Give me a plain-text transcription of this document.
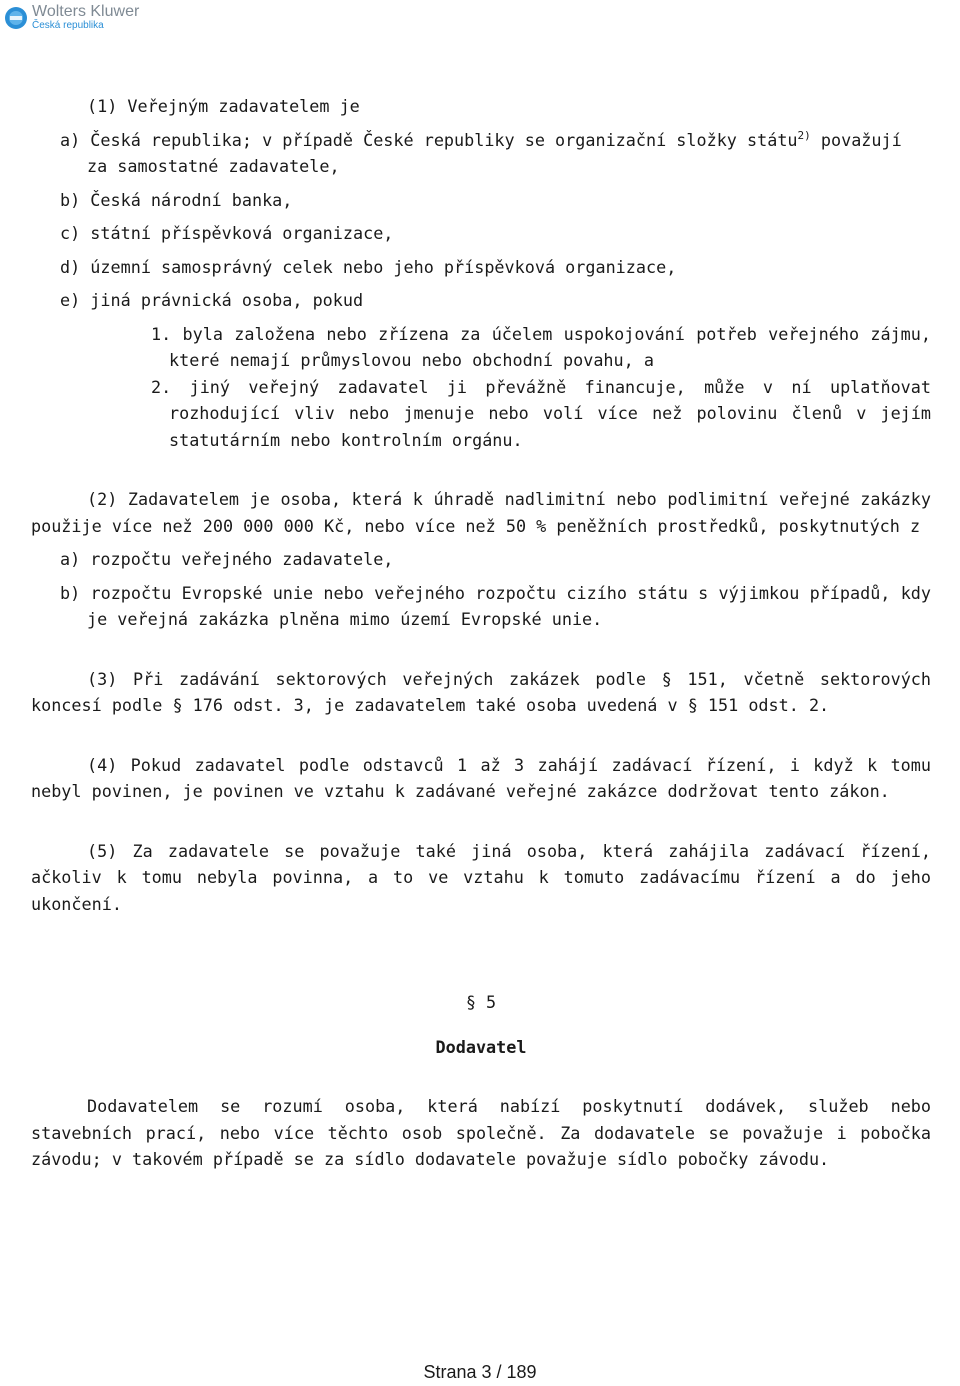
Wolters Kluwer
Česká republika

(1) Veřejným zadavatelem je

a) Česká republika; v případě České republiky se organizační složky státu$^{2)}$ považují za samostatné zadavatele,

b) Česká národní banka,

c) státní příspěvková organizace,

d) územní samosprávný celek nebo jeho příspěvková organizace,

e) jiná právnická osoba, pokud

1. byla založena nebo zřízena za účelem uspokojování potřeb veřejného zájmu, které nemají průmyslovou nebo obchodní povahu, a

2. jiný veřejný zadavatel ji převážně financuje, může v ní uplatňovat rozhodující vliv nebo jmenuje nebo volí více než polovinu členů v jejím statutárním nebo kontrolním orgánu.

(2) Zadavatelem je osoba, která k úhradě nadlimitní nebo podlimitní veřejné zakázky použije více než 200 000 000 Kč, nebo více než 50 % peněžních prostředků, poskytnutých z

a) rozpočtu veřejného zadavatele,

b) rozpočtu Evropské unie nebo veřejného rozpočtu cizího státu s výjimkou případů, kdy je veřejná zakázka plněna mimo území Evropské unie.

(3) Při zadávání sektorových veřejných zakázek podle § 151, včetně sektorových koncesí podle § 176 odst. 3, je zadavatelem také osoba uvedená v § 151 odst. 2.

(4) Pokud zadavatel podle odstavců 1 až 3 zahájí zadávací řízení, i když k tomu nebyl povinen, je povinen ve vztahu k zadávané veřejné zakázce dodržovat tento zákon.

(5) Za zadavatele se považuje také jiná osoba, která zahájila zadávací řízení, ačkoliv k tomu nebyla povinna, a to ve vztahu k tomuto zadávacímu řízení a do jeho ukončení.

§ 5

Dodavatel

Dodavatelem se rozumí osoba, která nabízí poskytnutí dodávek, služeb nebo stavebních prací, nebo více těchto osob společně. Za dodavatele se považuje i pobočka závodu; v takovém případě se za sídlo dodavatele považuje sídlo pobočky závodu.

Strana 3 / 189
